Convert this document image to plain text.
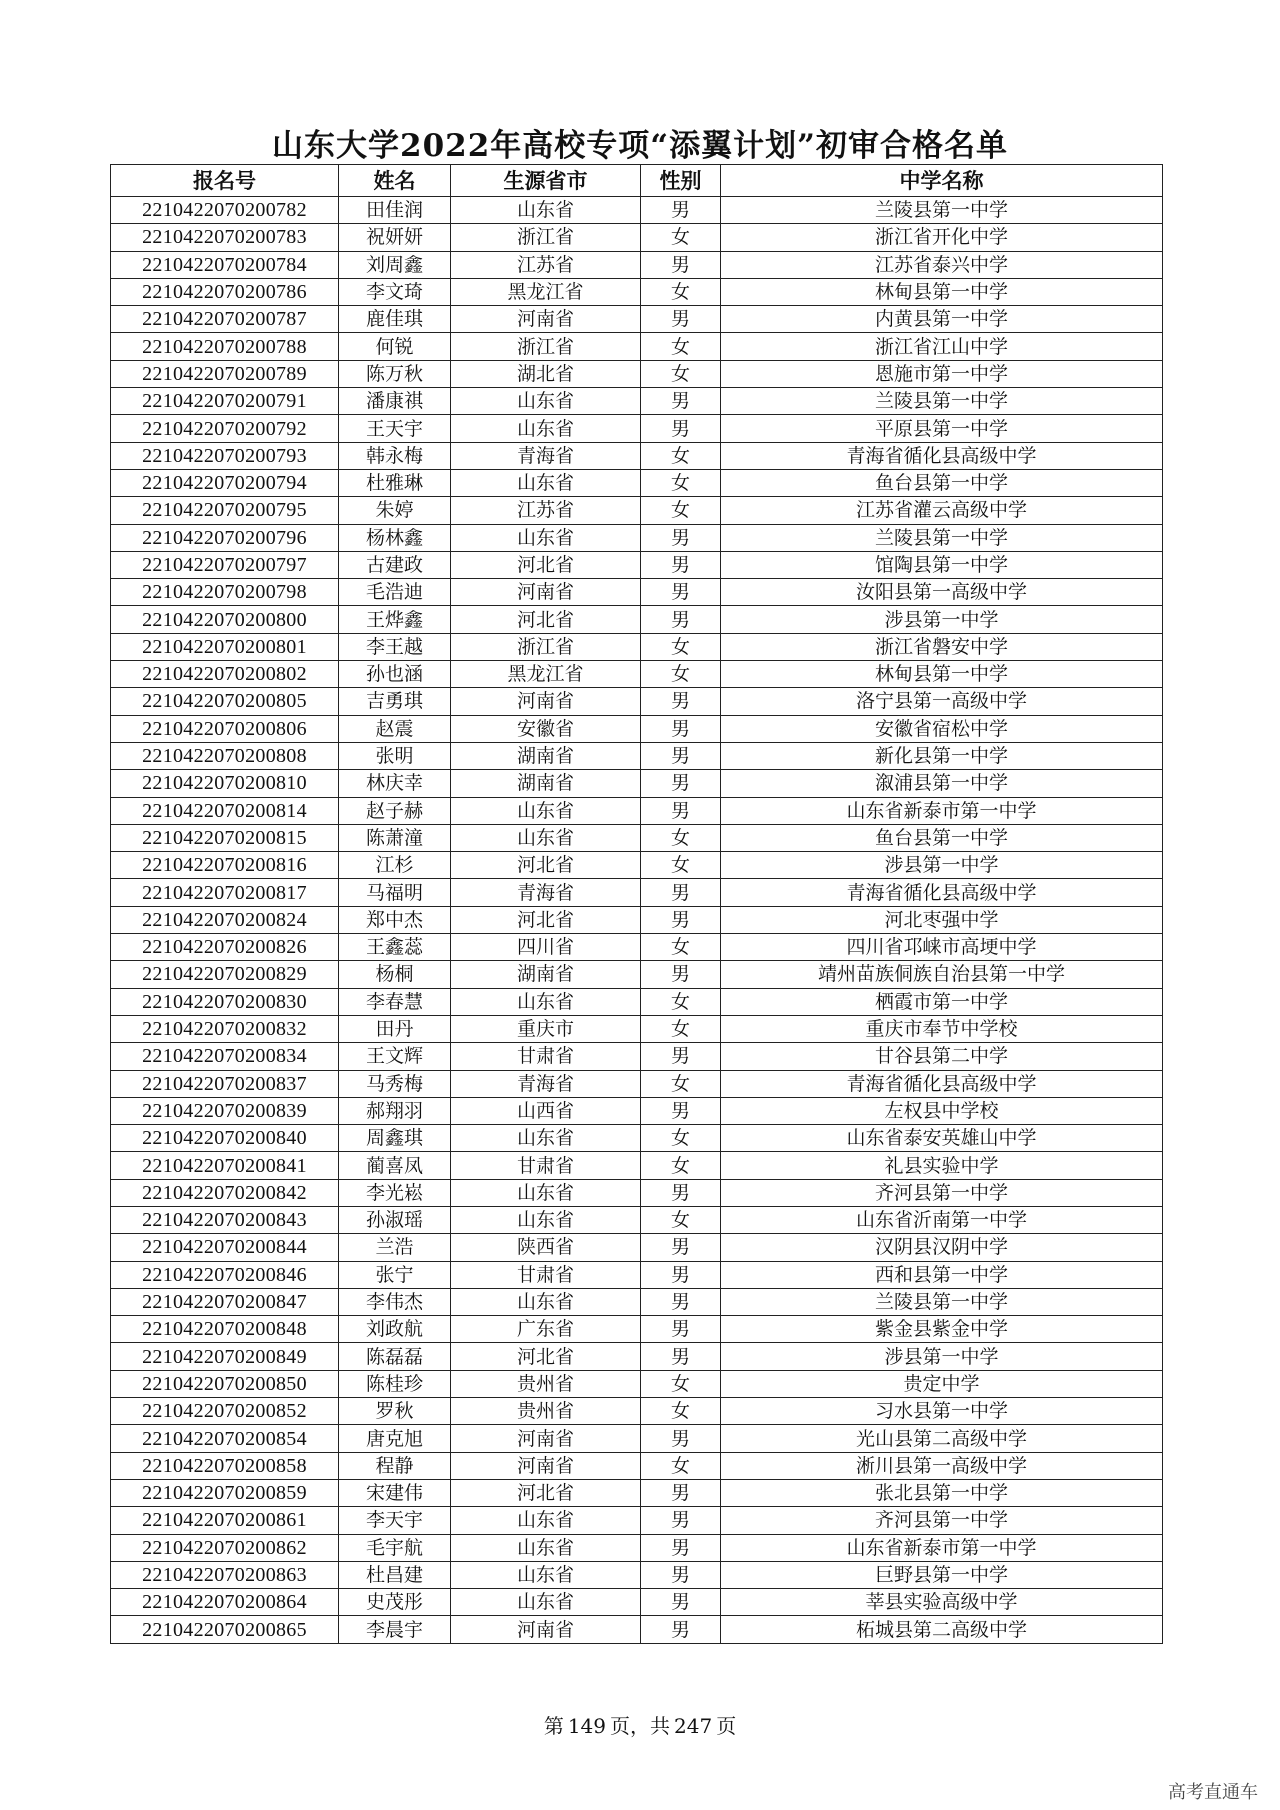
山东大学2022年高校专项“添翼计划”初审合格名单
报名号	姓名	生源省市	性别	中学名称
2210422070200782	田佳润	山东省	男	兰陵县第一中学
2210422070200783	祝妍妍	浙江省	女	浙江省开化中学
2210422070200784	刘周鑫	江苏省	男	江苏省泰兴中学
2210422070200786	李文琦	黑龙江省	女	林甸县第一中学
2210422070200787	鹿佳琪	河南省	男	内黄县第一中学
2210422070200788	何锐	浙江省	女	浙江省江山中学
2210422070200789	陈万秋	湖北省	女	恩施市第一中学
2210422070200791	潘康祺	山东省	男	兰陵县第一中学
2210422070200792	王天宇	山东省	男	平原县第一中学
2210422070200793	韩永梅	青海省	女	青海省循化县高级中学
2210422070200794	杜雅琳	山东省	女	鱼台县第一中学
2210422070200795	朱婷	江苏省	女	江苏省灌云高级中学
2210422070200796	杨林鑫	山东省	男	兰陵县第一中学
2210422070200797	古建政	河北省	男	馆陶县第一中学
2210422070200798	毛浩迪	河南省	男	汝阳县第一高级中学
2210422070200800	王烨鑫	河北省	男	涉县第一中学
2210422070200801	李王越	浙江省	女	浙江省磐安中学
2210422070200802	孙也涵	黑龙江省	女	林甸县第一中学
2210422070200805	吉勇琪	河南省	男	洛宁县第一高级中学
2210422070200806	赵震	安徽省	男	安徽省宿松中学
2210422070200808	张明	湖南省	男	新化县第一中学
2210422070200810	林庆幸	湖南省	男	溆浦县第一中学
2210422070200814	赵子赫	山东省	男	山东省新泰市第一中学
2210422070200815	陈萧潼	山东省	女	鱼台县第一中学
2210422070200816	江杉	河北省	女	涉县第一中学
2210422070200817	马福明	青海省	男	青海省循化县高级中学
2210422070200824	郑中杰	河北省	男	河北枣强中学
2210422070200826	王鑫蕊	四川省	女	四川省邛崃市高埂中学
2210422070200829	杨桐	湖南省	男	靖州苗族侗族自治县第一中学
2210422070200830	李春慧	山东省	女	栖霞市第一中学
2210422070200832	田丹	重庆市	女	重庆市奉节中学校
2210422070200834	王文辉	甘肃省	男	甘谷县第二中学
2210422070200837	马秀梅	青海省	女	青海省循化县高级中学
2210422070200839	郝翔羽	山西省	男	左权县中学校
2210422070200840	周鑫琪	山东省	女	山东省泰安英雄山中学
2210422070200841	蔺喜凤	甘肃省	女	礼县实验中学
2210422070200842	李光崧	山东省	男	齐河县第一中学
2210422070200843	孙淑瑶	山东省	女	山东省沂南第一中学
2210422070200844	兰浩	陕西省	男	汉阴县汉阴中学
2210422070200846	张宁	甘肃省	男	西和县第一中学
2210422070200847	李伟杰	山东省	男	兰陵县第一中学
2210422070200848	刘政航	广东省	男	紫金县紫金中学
2210422070200849	陈磊磊	河北省	男	涉县第一中学
2210422070200850	陈桂珍	贵州省	女	贵定中学
2210422070200852	罗秋	贵州省	女	习水县第一中学
2210422070200854	唐克旭	河南省	男	光山县第二高级中学
2210422070200858	程静	河南省	女	淅川县第一高级中学
2210422070200859	宋建伟	河北省	男	张北县第一中学
2210422070200861	李天宇	山东省	男	齐河县第一中学
2210422070200862	毛宇航	山东省	男	山东省新泰市第一中学
2210422070200863	杜昌建	山东省	男	巨野县第一中学
2210422070200864	史茂彤	山东省	男	莘县实验高级中学
2210422070200865	李晨宇	河南省	男	柘城县第二高级中学
第 149 页，共 247 页
高考直通车
